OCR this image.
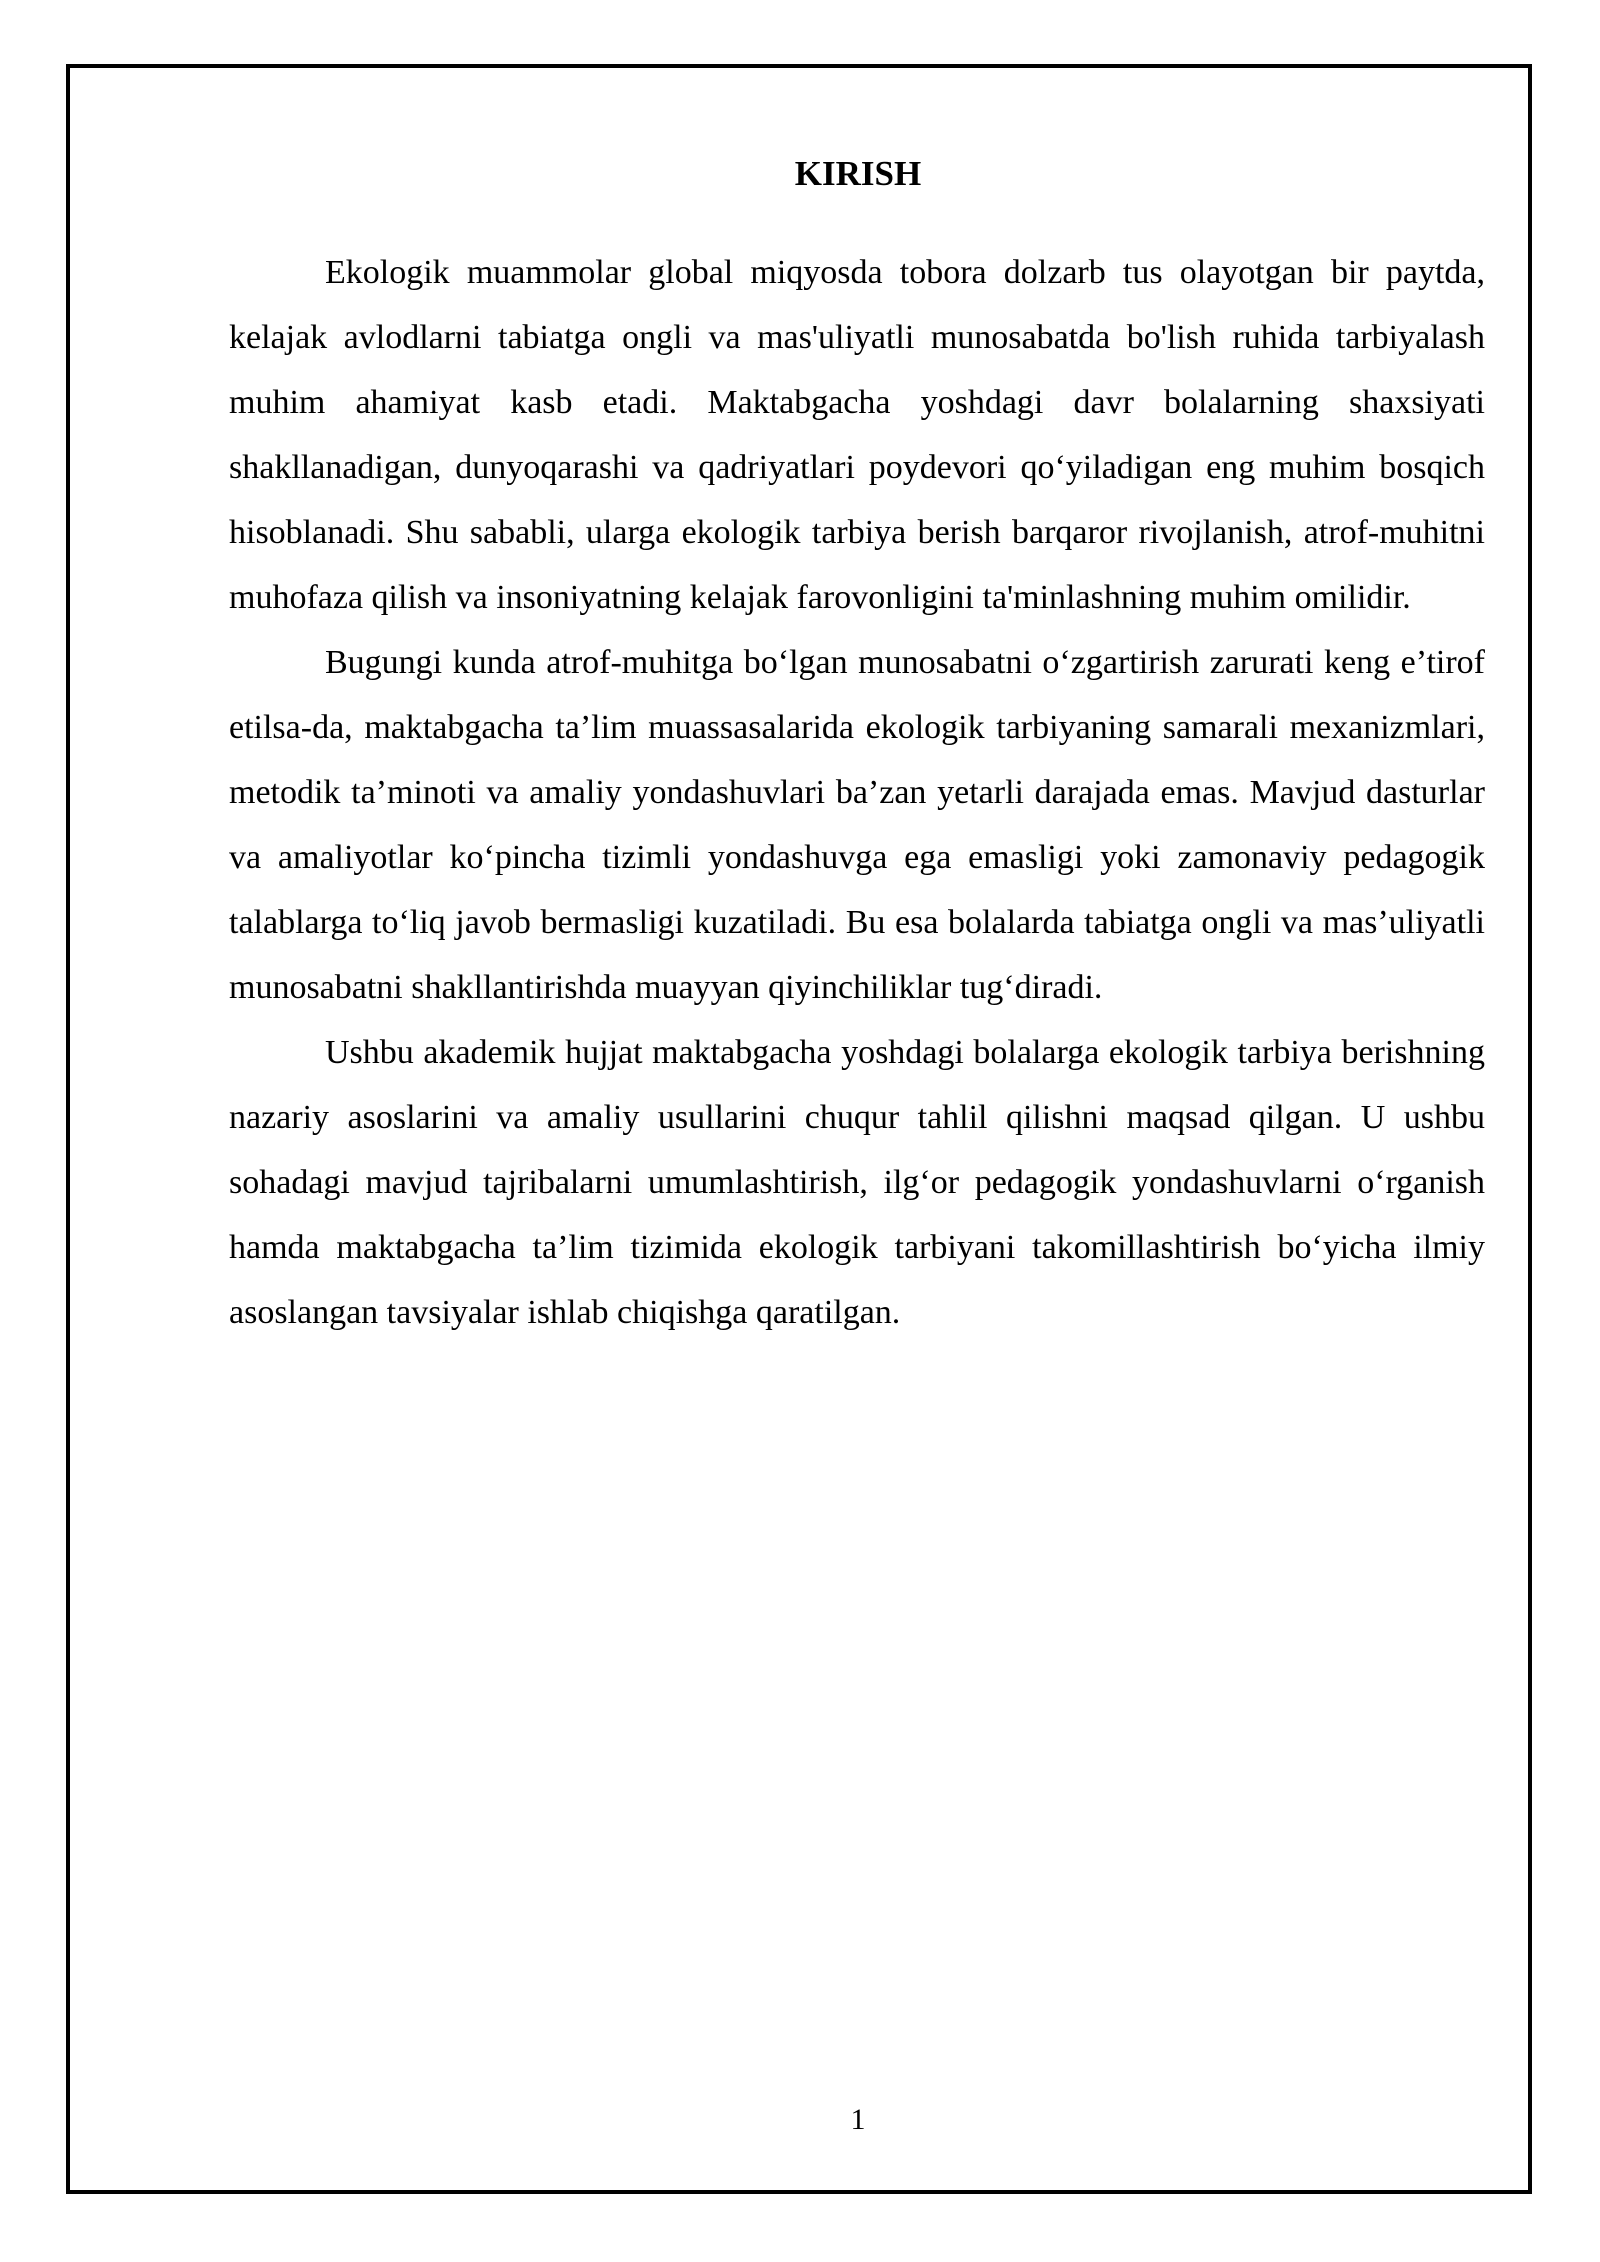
KIRISH

Ekologik muammolar global miqyosda tobora dolzarb tus olayotgan bir paytda, kelajak avlodlarni tabiatga ongli va mas'uliyatli munosabatda bo'lish ruhida tarbiyalash muhim ahamiyat kasb etadi. Maktabgacha yoshdagi davr bolalarning shaxsiyati shakllanadigan, dunyoqarashi va qadriyatlari poydevori qo‘yiladigan eng muhim bosqich hisoblanadi. Shu sababli, ularga ekologik tarbiya berish barqaror rivojlanish, atrof-muhitni muhofaza qilish va insoniyatning kelajak farovonligini ta'minlashning muhim omilidir.

Bugungi kunda atrof-muhitga bo‘lgan munosabatni o‘zgartirish zarurati keng e’tirof etilsa-da, maktabgacha ta’lim muassasalarida ekologik tarbiyaning samarali mexanizmlari, metodik ta’minoti va amaliy yondashuvlari ba’zan yetarli darajada emas. Mavjud dasturlar va amaliyotlar ko‘pincha tizimli yondashuvga ega emasligi yoki zamonaviy pedagogik talablarga to‘liq javob bermasligi kuzatiladi. Bu esa bolalarda tabiatga ongli va mas’uliyatli munosabatni shakllantirishda muayyan qiyinchiliklar tug‘diradi.

Ushbu akademik hujjat maktabgacha yoshdagi bolalarga ekologik tarbiya berishning nazariy asoslarini va amaliy usullarini chuqur tahlil qilishni maqsad qilgan. U ushbu sohadagi mavjud tajribalarni umumlashtirish, ilg‘or pedagogik yondashuvlarni o‘rganish hamda maktabgacha ta’lim tizimida ekologik tarbiyani takomillashtirish bo‘yicha ilmiy asoslangan tavsiyalar ishlab chiqishga qaratilgan.

1
